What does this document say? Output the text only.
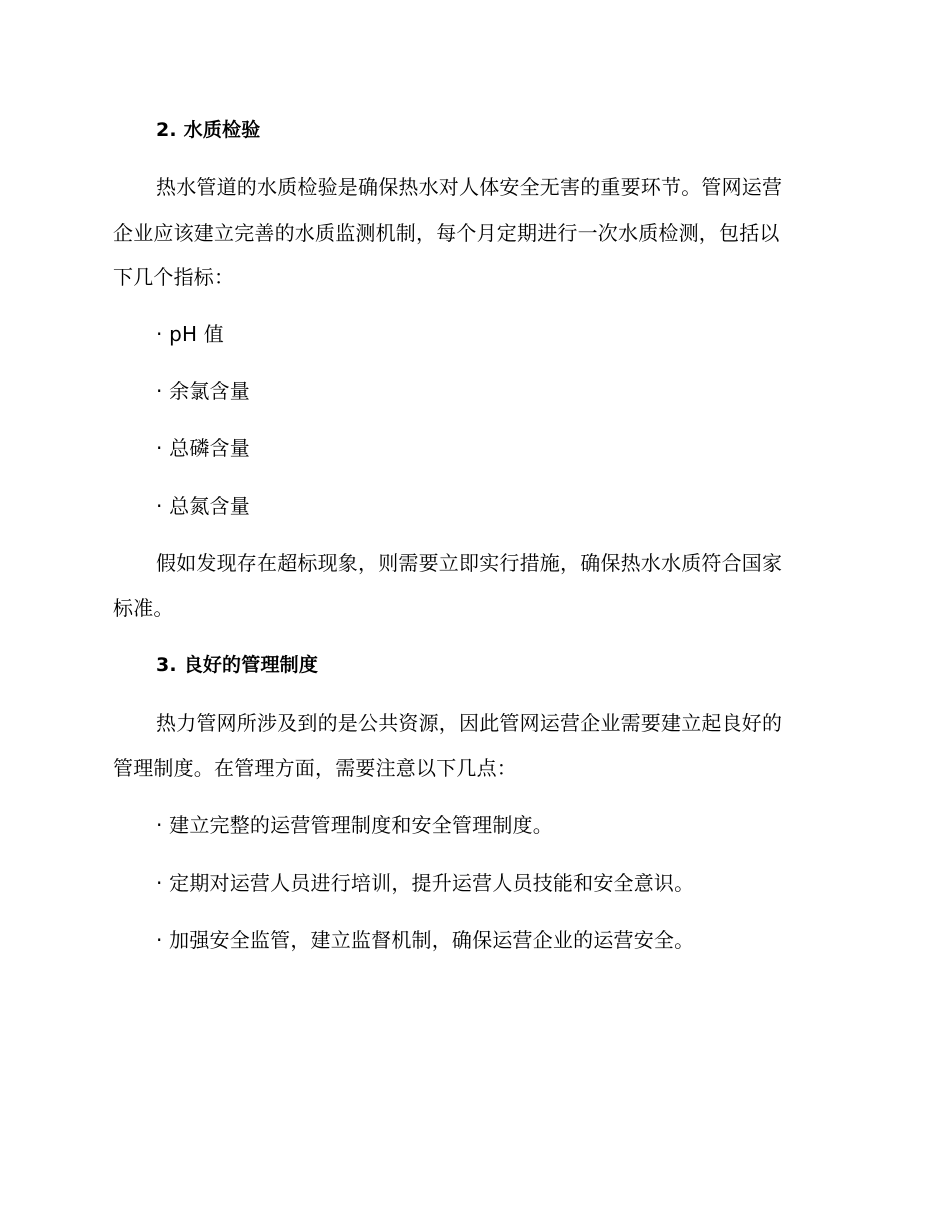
2. 水质检验
热水管道的水质检验是确保热水对人体安全无害的重要环节。管网运营
企业应该建立完善的水质监测机制，每个月定期进行一次水质检测，包括以
下几个指标：
· pH 值
· 余氯含量
· 总磷含量
· 总氮含量
假如发现存在超标现象，则需要立即实行措施，确保热水水质符合国家
标准。
3. 良好的管理制度
热力管网所涉及到的是公共资源，因此管网运营企业需要建立起良好的
管理制度。在管理方面，需要注意以下几点：
· 建立完整的运营管理制度和安全管理制度。
· 定期对运营人员进行培训，提升运营人员技能和安全意识。
· 加强安全监管，建立监督机制，确保运营企业的运营安全。
